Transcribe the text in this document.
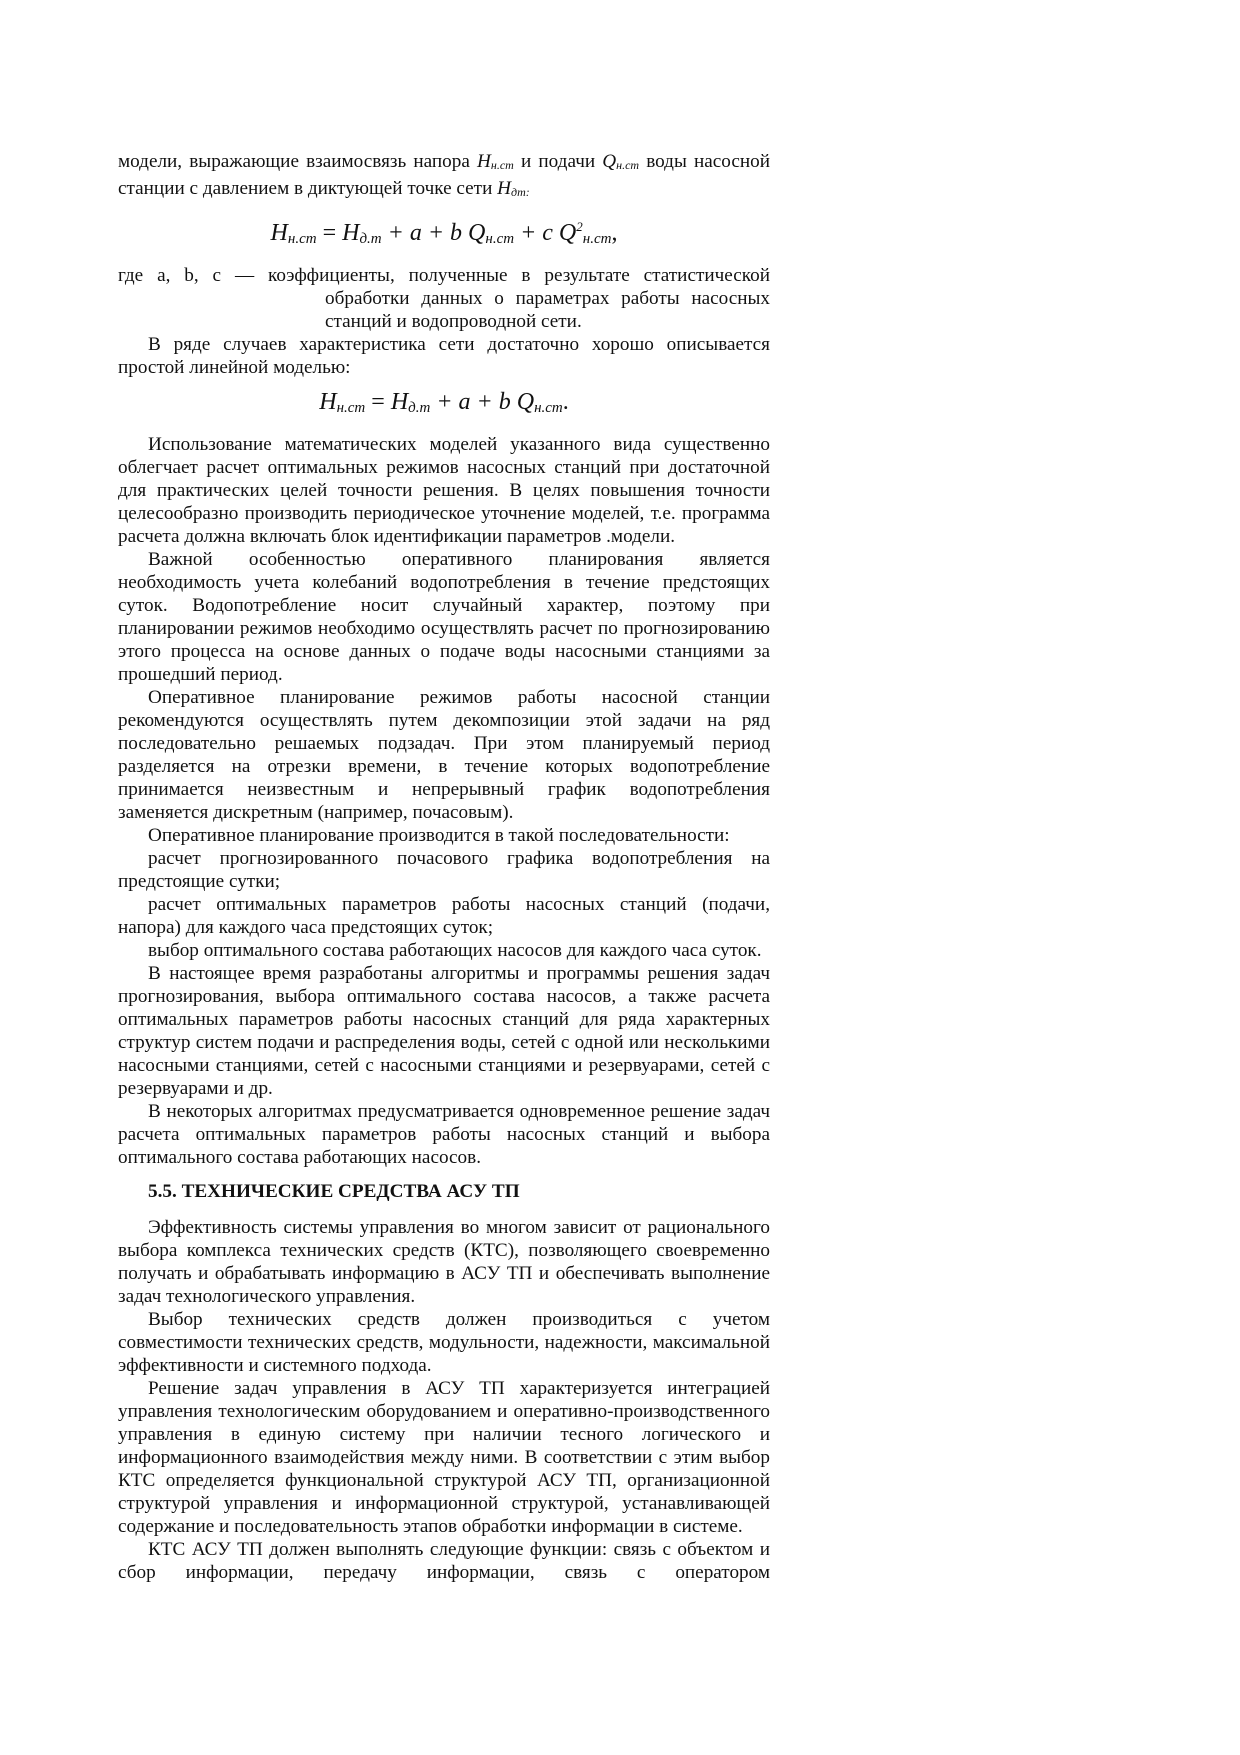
модели, выражающие взаимосвязь напора Hн.ст и подачи Qн.ст воды насосной станции с давлением в диктующей точке сети Hдт:

$H_{н.ст} = H_{д.т} + a + b$ $Q_{н.ст} + c$ $Q^2_{н.ст}$,

где a, b, c — коэффициенты, полученные в результате статистической

обработки данных о параметрах работы насосных станций и водопроводной сети.

В ряде случаев характеристика сети достаточно хорошо описывается простой линейной моделью:

$H_{н.ст} = H_{д.т} + a + b$ $Q_{н.ст}$.

Использование математических моделей указанного вида существенно облегчает расчет оптимальных режимов насосных станций при достаточной для практических целей точности решения. В целях повышения точности целесообразно производить периодическое уточнение моделей, т.е. программа расчета должна включать блок идентификации параметров .модели.

Важной особенностью оперативного планирования является необходимость учета колебаний водопотребления в течение предстоящих суток. Водопотребление носит случайный характер, поэтому при планировании режимов необходимо осуществлять расчет по прогнозированию этого процесса на основе данных о подаче воды насосными станциями за прошедший период.

Оперативное планирование режимов работы насосной станции рекомендуются осуществлять путем декомпозиции этой задачи на ряд последовательно решаемых подзадач. При этом планируемый период разделяется на отрезки времени, в течение которых водопотребление принимается неизвестным и непрерывный график водопотребления заменяется дискретным (например, почасовым).

Оперативное планирование производится в такой последовательности:

расчет прогнозированного почасового графика водопотребления на предстоящие сутки;

расчет оптимальных параметров работы насосных станций (подачи, напора) для каждого часа предстоящих суток;

выбор оптимального состава работающих насосов для каждого часа суток.

В настоящее время разработаны алгоритмы и программы решения задач прогнозирования, выбора оптимального состава насосов, а также расчета оптимальных параметров работы насосных станций для ряда характерных структур систем подачи и распределения воды, сетей с одной или несколькими насосными станциями, сетей с насосными станциями и резервуарами, сетей с резервуарами и др.

В некоторых алгоритмах предусматривается одновременное решение задач расчета оптимальных параметров работы насосных станций и выбора оптимального состава работающих насосов.

5.5. ТЕХНИЧЕСКИЕ СРЕДСТВА АСУ ТП

Эффективность системы управления во многом зависит от рационального выбора комплекса технических средств (КТС), позволяющего своевременно получать и обрабатывать информацию в АСУ ТП и обеспечивать выполнение задач технологического управления.

Выбор технических средств должен производиться с учетом совместимости технических средств, модульности, надежности, максимальной эффективности и системного подхода.

Решение задач управления в АСУ ТП характеризуется интеграцией управления технологическим оборудованием и оперативно-производственного управления в единую систему при наличии тесного логического и информационного взаимодействия между ними. В соответствии с этим выбор КТС определяется функциональной структурой АСУ ТП, организационной структурой управления и информационной структурой, устанавливающей содержание и последовательность этапов обработки информации в системе.

КТС АСУ ТП должен выполнять следующие функции: связь с объектом и сбор информации, передачу информации, связь с оператором
